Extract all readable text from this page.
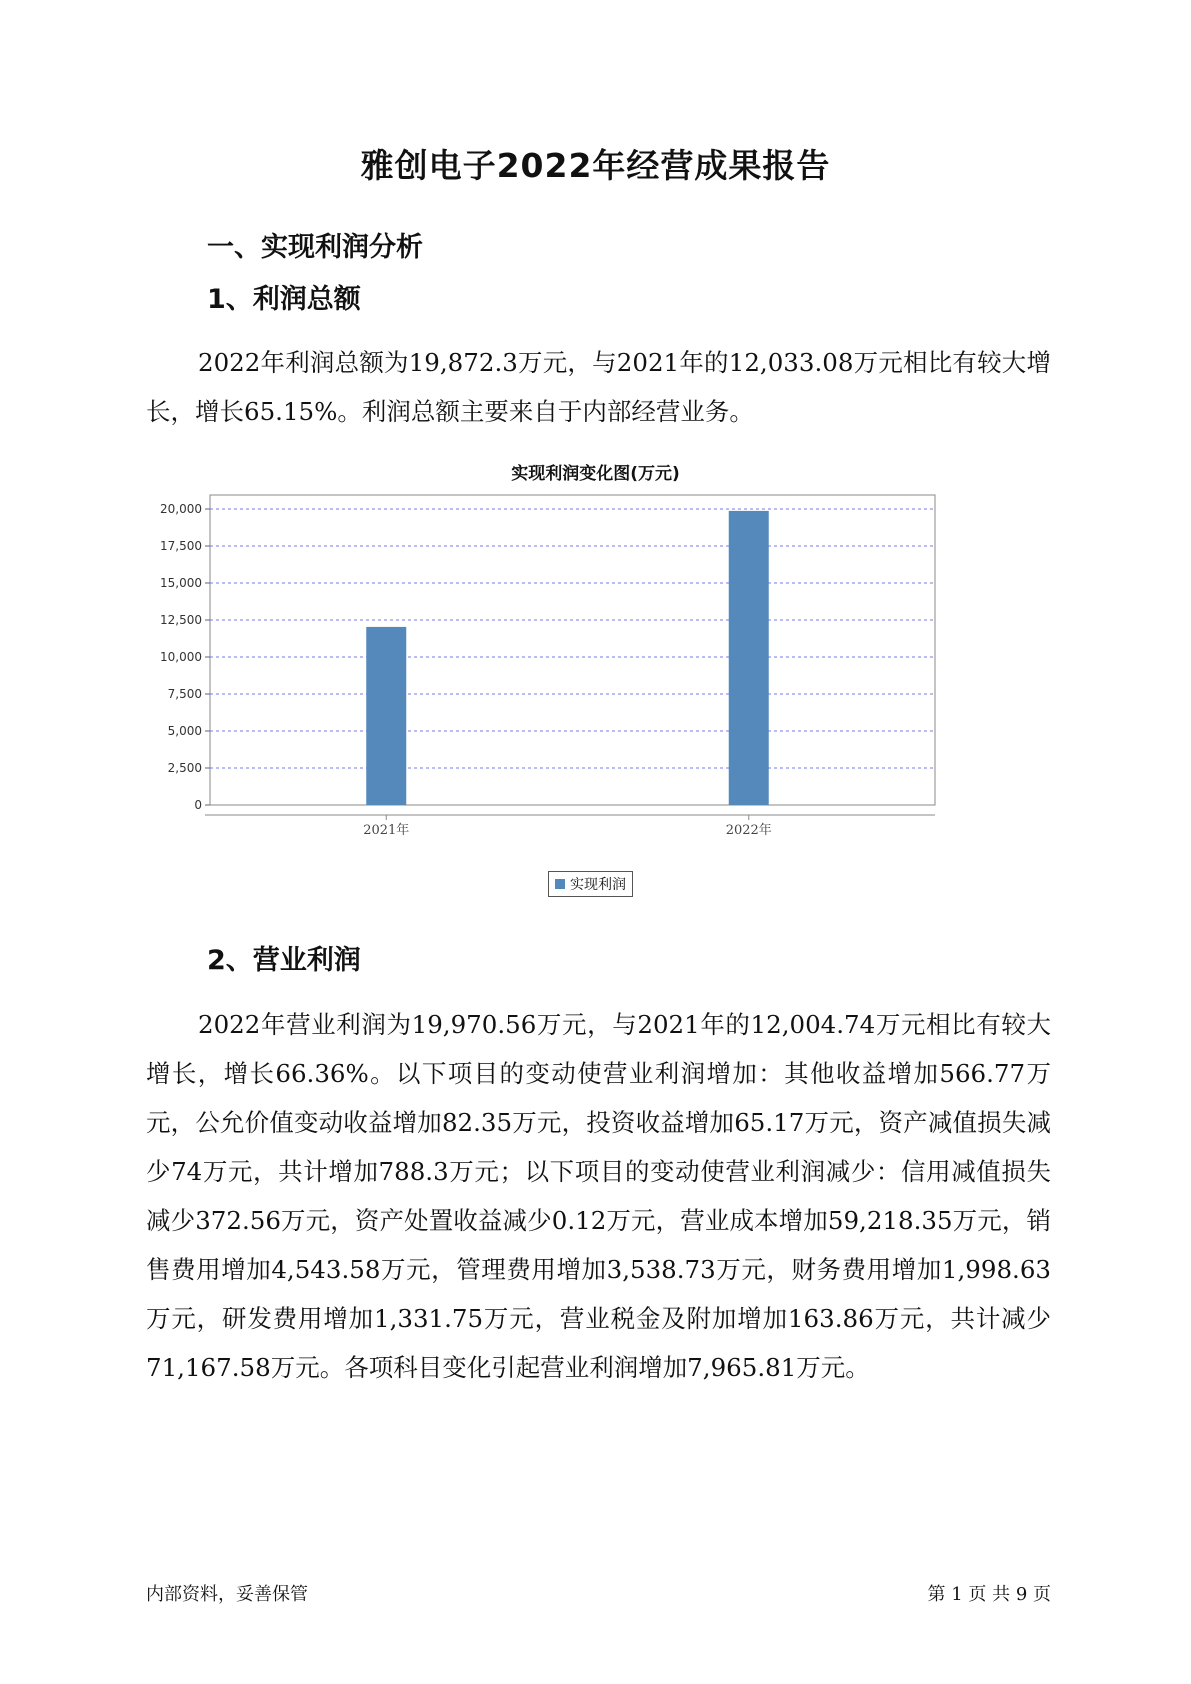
雅创电子2022年经营成果报告
一、实现利润分析
1、利润总额

2022年利润总额为19,872.3万元，与2021年的12,033.08万元相比有较大增长，增长65.15%。利润总额主要来自于内部经营业务。

实现利润变化图(万元)
0
2,500
5,000
7,500
10,000
12,500
15,000
17,500
20,000
2021年	2022年
实现利润
2、营业利润

2022年营业利润为19,970.56万元，与2021年的12,004.74万元相比有较大增长，增长66.36%。以下项目的变动使营业利润增加：其他收益增加566.77万元，公允价值变动收益增加82.35万元，投资收益增加65.17万元，资产减值损失减少74万元，共计增加788.3万元；以下项目的变动使营业利润减少：信用减值损失减少372.56万元，资产处置收益减少0.12万元，营业成本增加59,218.35万元，销售费用增加4,543.58万元，管理费用增加3,538.73万元，财务费用增加1,998.63万元，研发费用增加1,331.75万元，营业税金及附加增加163.86万元，共计减少71,167.58万元。各项科目变化引起营业利润增加7,965.81万元。

内部资料，妥善保管	第 1 页 共 9 页
